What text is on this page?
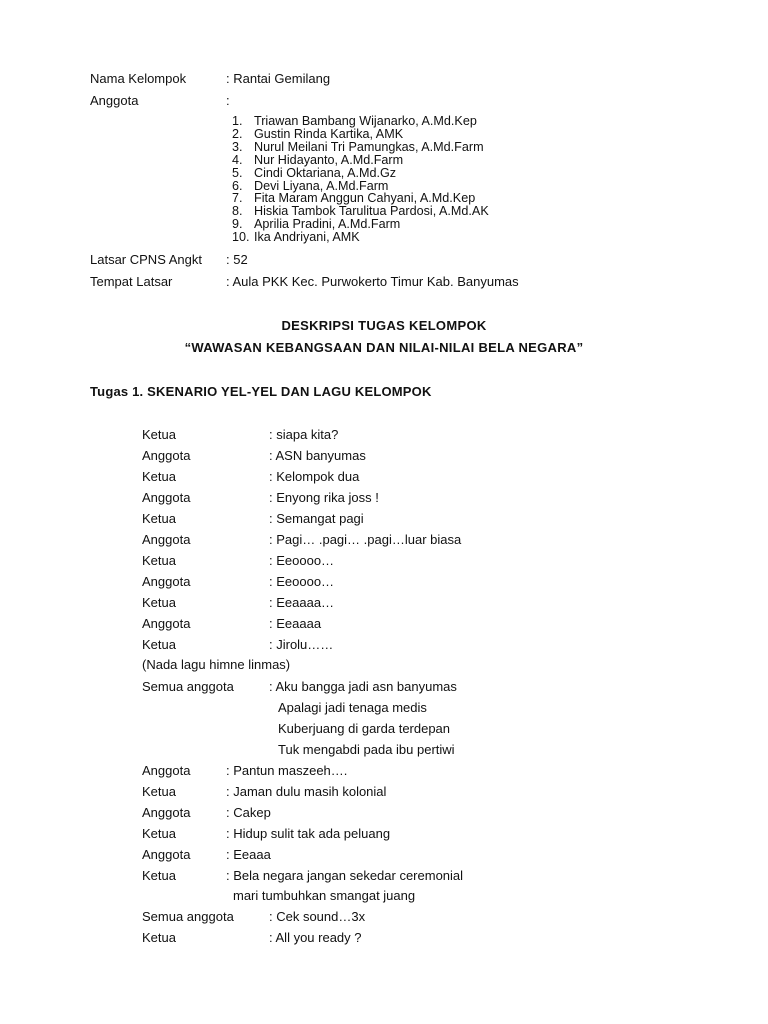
Nama Kelompok	: Rantai Gemilang
Anggota	:
1. Triawan Bambang Wijanarko, A.Md.Kep
2. Gustin Rinda Kartika, AMK
3. Nurul Meilani Tri Pamungkas, A.Md.Farm
4. Nur Hidayanto, A.Md.Farm
5. Cindi Oktariana, A.Md.Gz
6. Devi Liyana, A.Md.Farm
7. Fita Maram Anggun Cahyani, A.Md.Kep
8. Hiskia Tambok Tarulitua Pardosi, A.Md.AK
9. Aprilia Pradini, A.Md.Farm
10. Ika Andriyani, AMK
Latsar CPNS Angkt : 52
Tempat Latsar	: Aula PKK Kec. Purwokerto Timur Kab. Banyumas
DESKRIPSI TUGAS KELOMPOK
“WAWASAN KEBANGSAAN DAN NILAI-NILAI BELA NEGARA”
Tugas 1. SKENARIO YEL-YEL DAN LAGU KELOMPOK
Ketua	: siapa kita?
Anggota	: ASN banyumas
Ketua	: Kelompok dua
Anggota	: Enyong rika joss !
Ketua	: Semangat pagi
Anggota	: Pagi… .pagi… .pagi…luar biasa
Ketua	: Eeoooo…
Anggota	: Eeoooo…
Ketua	: Eeaaaa…
Anggota	: Eeaaaa
Ketua	: Jirolu……
(Nada lagu himne linmas)
Semua anggota	: Aku bangga jadi asn banyumas
Apalagi jadi tenaga medis
Kuberjuang di garda terdepan
Tuk mengabdi pada ibu pertiwi
Anggota	: Pantun maszeeh….
Ketua	: Jaman dulu masih kolonial
Anggota	: Cakep
Ketua	: Hidup sulit tak ada peluang
Anggota	: Eeaaa
Ketua	: Bela negara jangan sekedar ceremonial
mari tumbuhkan smangat juang
Semua anggota	: Cek sound…3x
Ketua	: All you ready ?
